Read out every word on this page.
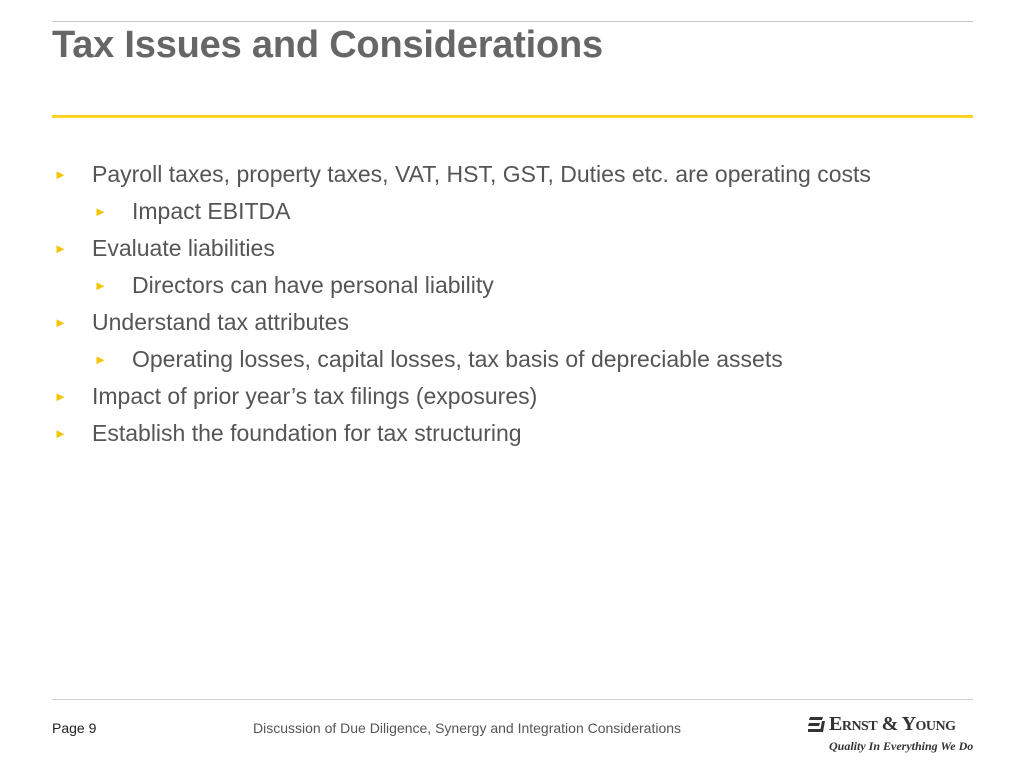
Tax Issues and Considerations
► Payroll taxes, property taxes, VAT, HST, GST, Duties etc. are operating costs
► Impact EBITDA
► Evaluate liabilities
► Directors can have personal liability
► Understand tax attributes
► Operating losses, capital losses, tax basis of depreciable assets
► Impact of prior year’s tax filings (exposures)
► Establish the foundation for tax structuring
Page 9	Discussion of Due Diligence, Synergy and Integration Considerations	Ernst & Young
Quality In Everything We Do
